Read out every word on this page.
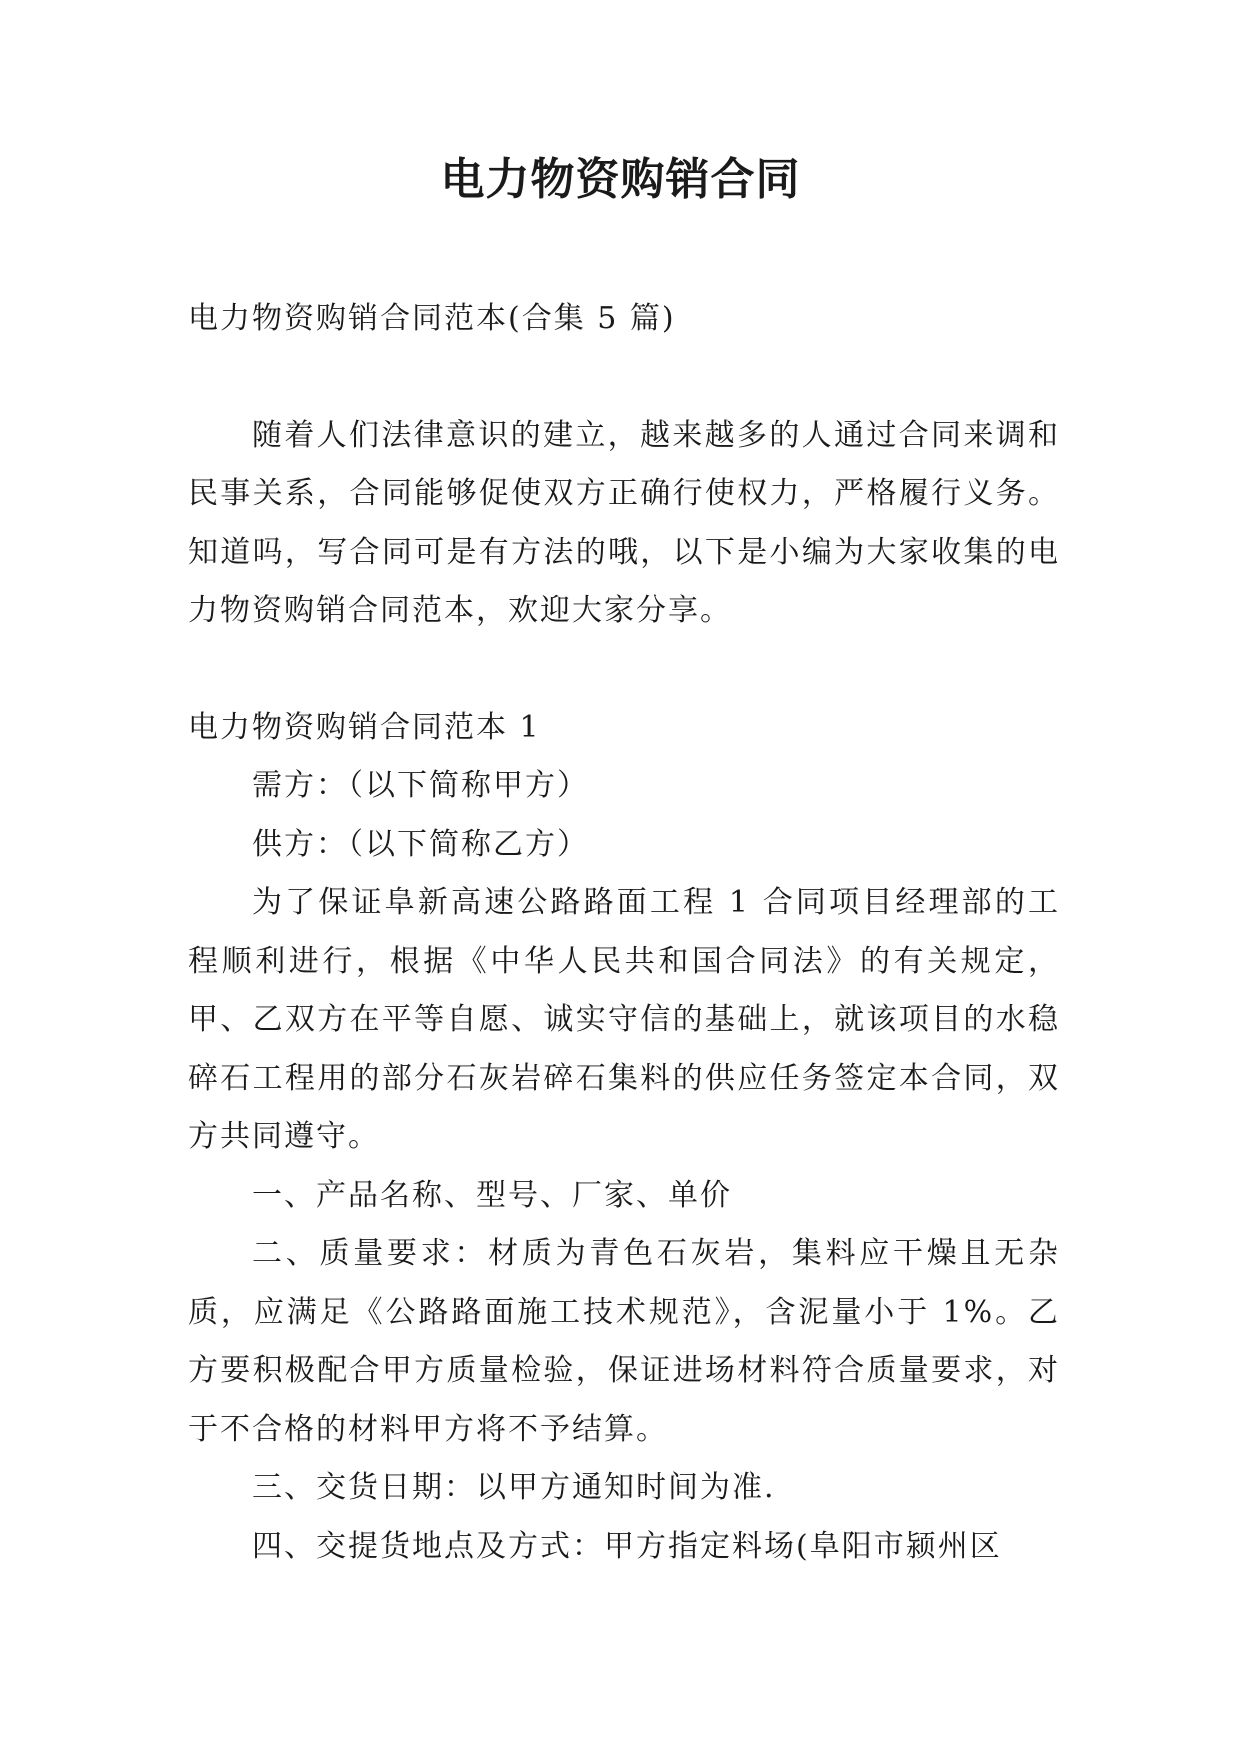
电力物资购销合同

电力物资购销合同范本(合集 5 篇)

随着人们法律意识的建立，越来越多的人通过合同来调和民事关系，合同能够促使双方正确行使权力，严格履行义务。知道吗，写合同可是有方法的哦，以下是小编为大家收集的电力物资购销合同范本，欢迎大家分享。

电力物资购销合同范本 1

需方：（以下简称甲方）

供方：（以下简称乙方）

为了保证阜新高速公路路面工程 1 合同项目经理部的工程顺利进行，根据《中华人民共和国合同法》的有关规定，甲、乙双方在平等自愿、诚实守信的基础上，就该项目的水稳碎石工程用的部分石灰岩碎石集料的供应任务签定本合同，双方共同遵守。

一、产品名称、型号、厂家、单价

二、质量要求：材质为青色石灰岩，集料应干燥且无杂质，应满足《公路路面施工技术规范》，含泥量小于 1%。乙方要积极配合甲方质量检验，保证进场材料符合质量要求，对于不合格的材料甲方将不予结算。

三、交货日期：以甲方通知时间为准.

四、交提货地点及方式：甲方指定料场(阜阳市颍州区
